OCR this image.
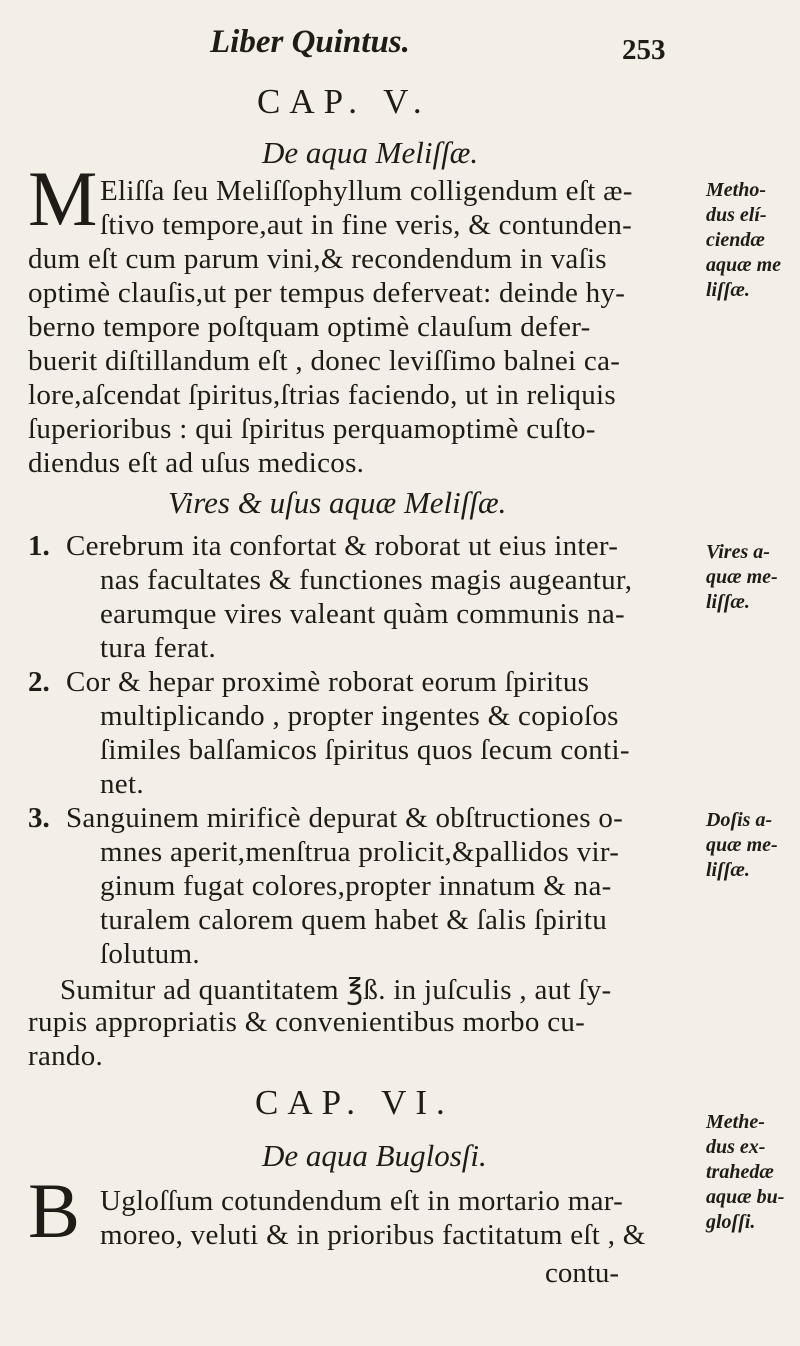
Liber Quintus.	253
CAP. V.
De aqua Meliſſæ.
M Eliſſa ſeu Meliſſophyllum colligendum eſt æ-
ſtivo tempore,aut in fine veris, & contunden-
dum eſt cum parum vini,& recondendum in vaſis
optimè clauſis,ut per tempus deferveat: deinde hy-
berno tempore poſtquam optimè clauſum defer-
buerit diſtillandum eſt , donec leviſſimo balnei ca-
lore,aſcendat ſpiritus,ſtrias faciendo, ut in reliquis
ſuperioribus : qui ſpiritus perquamoptimè cuſto-
diendus eſt ad uſus medicos.
Metho-
dus elí-
ciendæ
aquæ me
liſſæ.
Vires & uſus aquæ Meliſſæ.
1. Cerebrum ita confortat & roborat ut eius inter-
nas facultates & functiones magis augeantur,
earumque vires valeant quàm communis na-
tura ferat.
Vires a-
quæ me-
liſſæ.
2. Cor & hepar proximè roborat eorum ſpiritus
multiplicando , propter ingentes & copioſos
ſimiles balſamicos ſpiritus quos ſecum conti-
net.
3. Sanguinem mirificè depurat & obſtructiones o-
mnes aperit,menſtrua prolicit,&pallidos vir-
ginum fugat colores,propter innatum & na-
turalem calorem quem habet & ſalis ſpiritu
ſolutum.
Doſis a-
quæ me-
liſſæ.
Sumitur ad quantitatem ℥ß. in juſculis , aut ſy-
rupis appropriatis & convenientibus morbo cu-
rando.
CAP. VI.
De aqua Buglosſi.
B Ugloſſum cotundendum eſt in mortario mar-
moreo, veluti & in prioribus factitatum eſt , &
contu-
Methe-
dus ex-
trahedæ
aquæ bu-
gloſſi.
